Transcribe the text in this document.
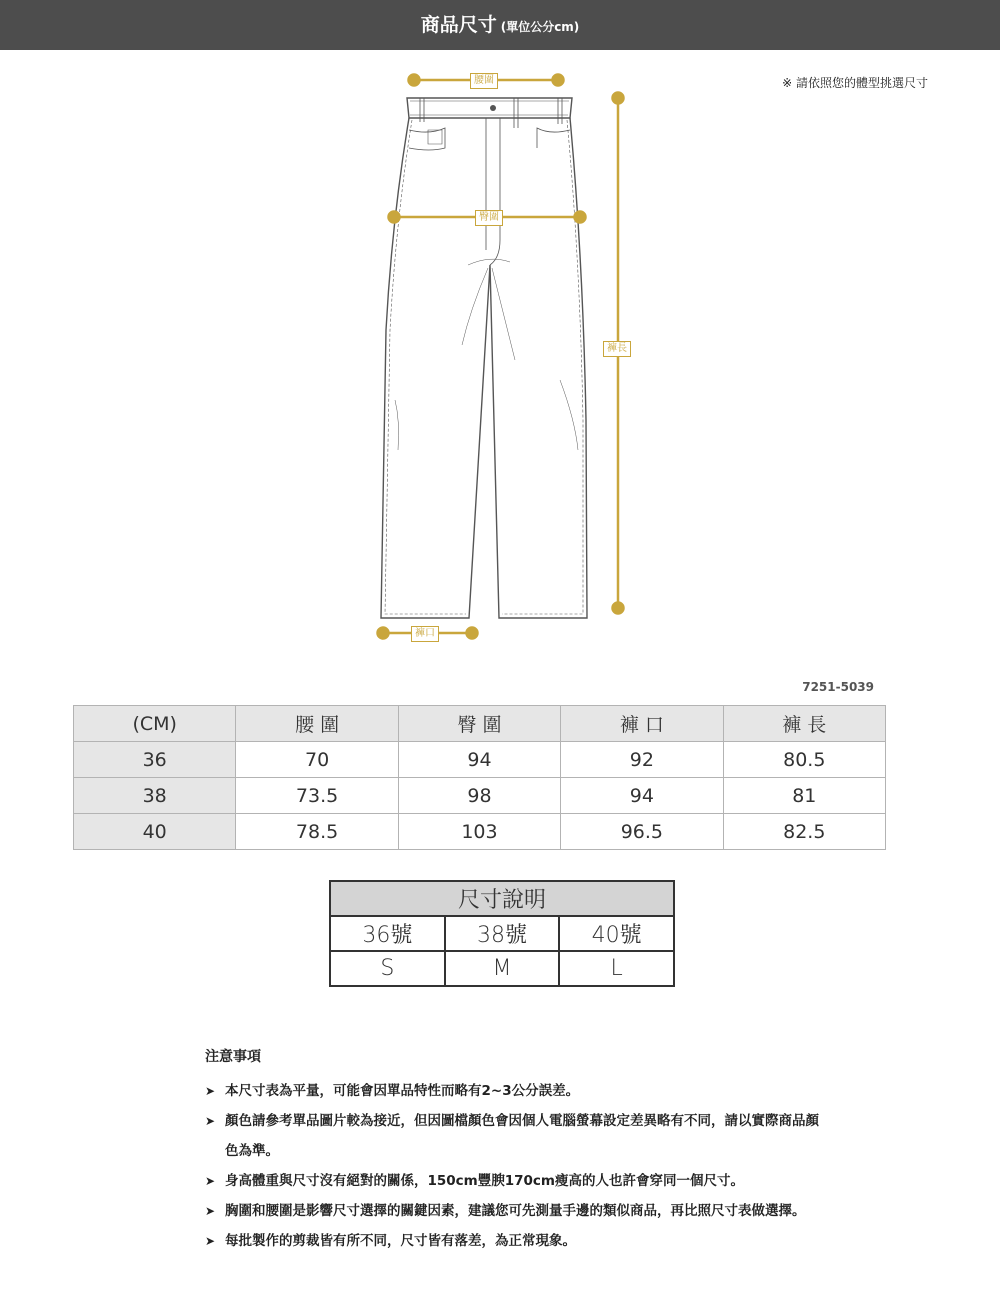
商品尺寸 (單位公分cm)
※ 請依照您的體型挑選尺寸
腰圍
臀圍
褲長
褲口
7251-5039
(CM)	腰 圍	臀 圍	褲 口	褲 長
36	70	94	92	80.5
38	73.5	98	94	81
40	78.5	103	96.5	82.5
尺寸說明		
36號	38號	40號
S	M	L
注意事項
➤ 本尺寸表為平量，可能會因單品特性而略有2~3公分誤差。
➤ 顏色請參考單品圖片較為接近，但因圖檔顏色會因個人電腦螢幕設定差異略有不同，請以實際商品顏色為準。
➤ 身高體重與尺寸沒有絕對的關係，150cm豐腴170cm瘦高的人也許會穿同一個尺寸。
➤ 胸圍和腰圍是影響尺寸選擇的關鍵因素，建議您可先測量手邊的類似商品，再比照尺寸表做選擇。
➤ 每批製作的剪裁皆有所不同，尺寸皆有落差，為正常現象。
